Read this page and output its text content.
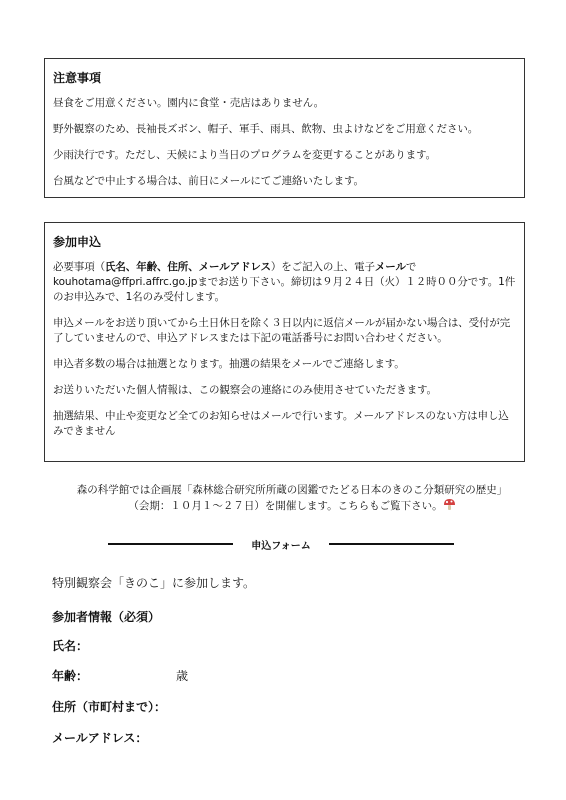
注意事項

昼食をご用意ください。園内に食堂・売店はありません。

野外観察のため、長袖長ズボン、帽子、軍手、雨具、飲物、虫よけなどをご用意ください。

少雨決行です。ただし、天候により当日のプログラムを変更することがあります。

台風などで中止する場合は、前日にメールにてご連絡いたします。

参加申込

必要事項（氏名、年齢、住所、メールアドレス）をご記入の上、電子メールで kouhotama@ffpri.affrc.go.jpまでお送り下さい。締切は９月２４日（火）１２時００分です。1件のお申込みで、1名のみ受付します。

申込メールをお送り頂いてから土日休日を除く３日以内に返信メールが届かない場合は、受付が完了していませんので、申込アドレスまたは下記の電話番号にお問い合わせください。

申込者多数の場合は抽選となります。抽選の結果をメールでご連絡します。

お送りいただいた個人情報は、この観察会の連絡にのみ使用させていただきます。

抽選結果、中止や変更など全てのお知らせはメールで行います。メールアドレスのない方は申し込みできません

森の科学館では企画展「森林総合研究所所蔵の図鑑でたどる日本のきのこ分類研究の歴史」
（会期：１０月１～２７日）を開催します。こちらもご覧下さい。
申込フォーム
特別観察会「きのこ」に参加します。
参加者情報（必須）
氏名：
年齢：	歳
住所（市町村まで）：
メールアドレス：
